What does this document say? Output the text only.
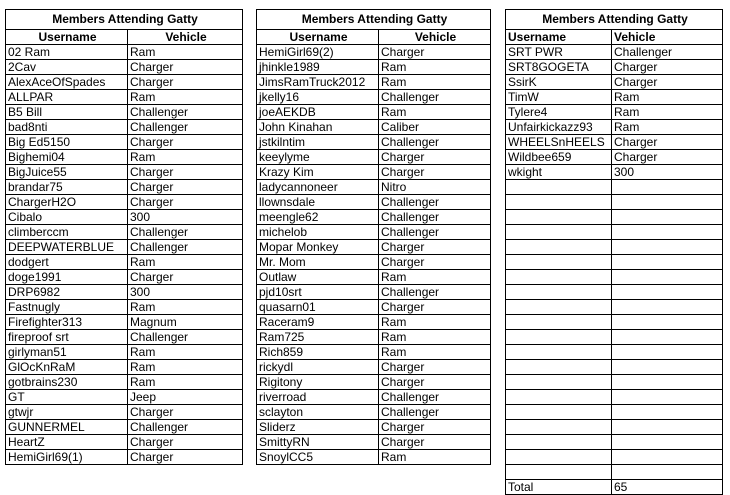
Members Attending Gatty	
Username	Vehicle
02 Ram	Ram
2Cav	Charger
AlexAceOfSpades	Charger
ALLPAR	Ram
B5 Bill	Challenger
bad8nti	Challenger
Big Ed5150	Charger
Bighemi04	Ram
BigJuice55	Charger
brandar75	Charger
ChargerH2O	Charger
Cibalo	300
climberccm	Challenger
DEEPWATERBLUE	Challenger
dodgert	Ram
doge1991	Charger
DRP6982	300
Fastnugly	Ram
Firefighter313	Magnum
fireproof srt	Challenger
girlyman51	Ram
GlOcKnRaM	Ram
gotbrains230	Ram
GT	Jeep
gtwjr	Charger
GUNNERMEL	Challenger
HeartZ	Charger
HemiGirl69(1)	Charger
Members Attending Gatty	
Username	Vehicle
HemiGirl69(2)	Charger
jhinkle1989	Ram
JimsRamTruck2012	Ram
jkelly16	Challenger
joeAEKDB	Ram
John Kinahan	Caliber
jstkilntim	Challenger
keeylyme	Charger
Krazy Kim	Charger
ladycannoneer	Nitro
llownsdale	Challenger
meengle62	Challenger
michelob	Challenger
Mopar Monkey	Charger
Mr. Mom	Charger
Outlaw	Ram
pjd10srt	Challenger
quasarn01	Charger
Raceram9	Ram
Ram725	Ram
Rich859	Ram
rickydl	Charger
Rigitony	Charger
riverroad	Challenger
sclayton	Challenger
Sliderz	Charger
SmittyRN	Charger
SnoylCC5	Ram
Members Attending Gatty	
Username	Vehicle
SRT PWR	Challenger
SRT8GOGETA	Charger
SsirK	Charger
TimW	Ram
Tylere4	Ram
Unfairkickazz93	Ram
WHEELSnHEELS	Charger
Wildbee659	Charger
wkight	300

Total	65
